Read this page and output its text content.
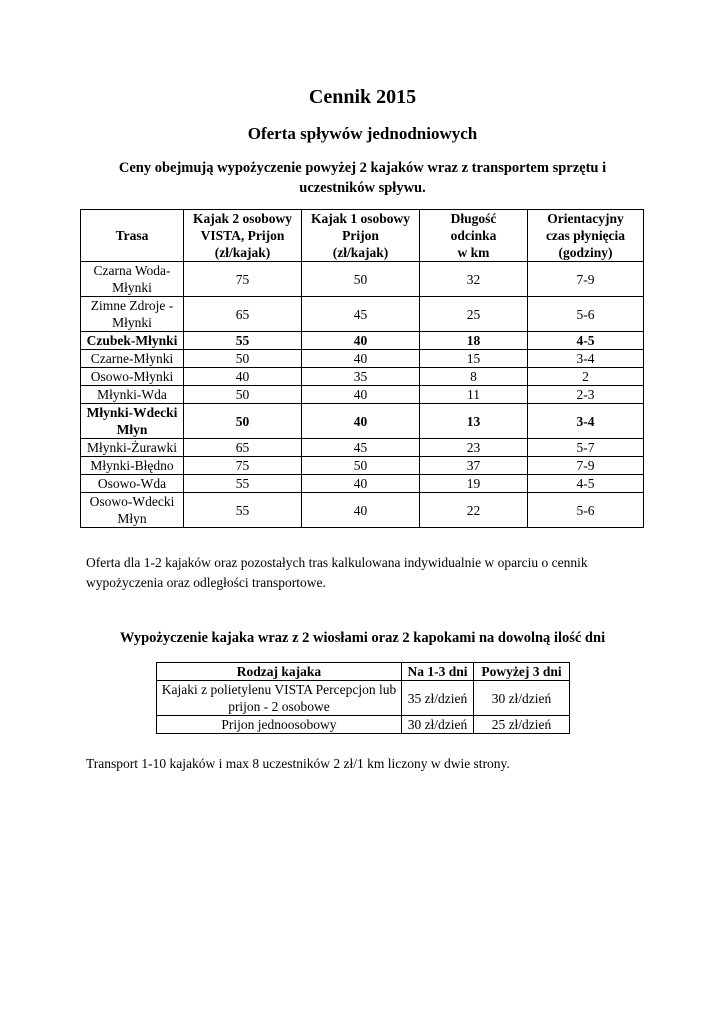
Cennik 2015
Oferta spływów jednodniowych
Ceny obejmują wypożyczenie powyżej 2 kajaków wraz z transportem sprzętu i uczestników spływu.
Trasa	Kajak 2 osobowy
VISTA, Prijon
(zł/kajak)	Kajak 1 osobowy
Prijon
(zł/kajak)	Długość
odcinka
w km	Orientacyjny
czas płynięcia
(godziny)
Czarna Woda-Młynki	75	50	32	7-9
Zimne Zdroje - Młynki	65	45	25	5-6
Czubek-Młynki	55	40	18	4-5
Czarne-Młynki	50	40	15	3-4
Osowo-Młynki	40	35	8	2
Młynki-Wda	50	40	11	2-3
Młynki-Wdecki Młyn	50	40	13	3-4
Młynki-Żurawki	65	45	23	5-7
Młynki-Błędno	75	50	37	7-9
Osowo-Wda	55	40	19	4-5
Osowo-Wdecki Młyn	55	40	22	5-6
Oferta dla 1-2 kajaków oraz pozostałych tras kalkulowana indywidualnie w oparciu o cennik wypożyczenia oraz odległości transportowe.
Wypożyczenie kajaka wraz z 2 wiosłami oraz 2 kapokami na dowolną ilość dni
Rodzaj kajaka	Na 1-3 dni	Powyżej 3 dni
Kajaki z polietylenu VISTA Percepcjon lub prijon - 2 osobowe	35 zł/dzień	30 zł/dzień
Prijon jednoosobowy	30 zł/dzień	25 zł/dzień
Transport 1-10 kajaków i max 8 uczestników 2 zł/1 km liczony w dwie strony.
